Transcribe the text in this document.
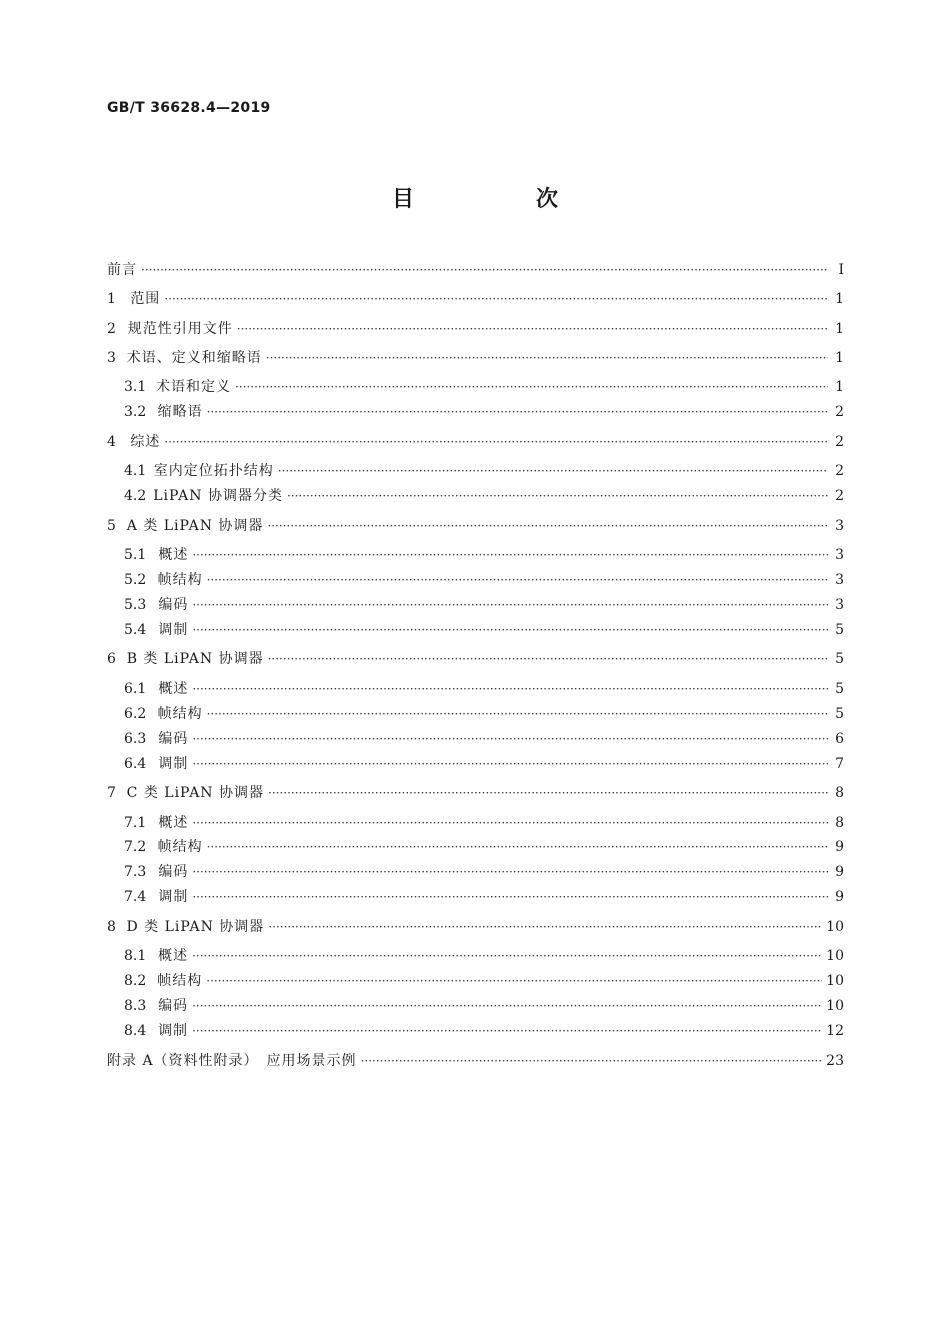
GB/T 36628.4—2019
目　次
前言 ·····	Ⅰ
1	范围 ·····	1
2 规范性引用文件 ·····	1
3 术语、定义和缩略语 ·····	1
3.1 术语和定义 ·····	1
3.2 缩略语 ·····	2
4	综述 ·····	2
4.1 室内定位拓扑结构 ·····	2
4.2 LiPAN 协调器分类 ·····	2
5 A 类 LiPAN 协调器 ·····	3
5.1 概述 ·····	3
5.2 帧结构 ·····	3
5.3 编码 ·····	3
5.4 调制 ·····	5
6 B 类 LiPAN 协调器 ·····	5
6.1 概述 ·····	5
6.2 帧结构 ·····	5
6.3 编码 ·····	6
6.4 调制 ·····	7
7 C 类 LiPAN 协调器 ·····	8
7.1 概述 ·····	8
7.2 帧结构 ·····	9
7.3 编码 ·····	9
7.4 调制 ·····	9
8 D 类 LiPAN 协调器 ·····	10
8.1 概述 ·····	10
8.2 帧结构 ·····	10
8.3 编码 ·····	10
8.4 调制 ·····	12
附录 A（资料性附录）　应用场景示例 ·····	23
